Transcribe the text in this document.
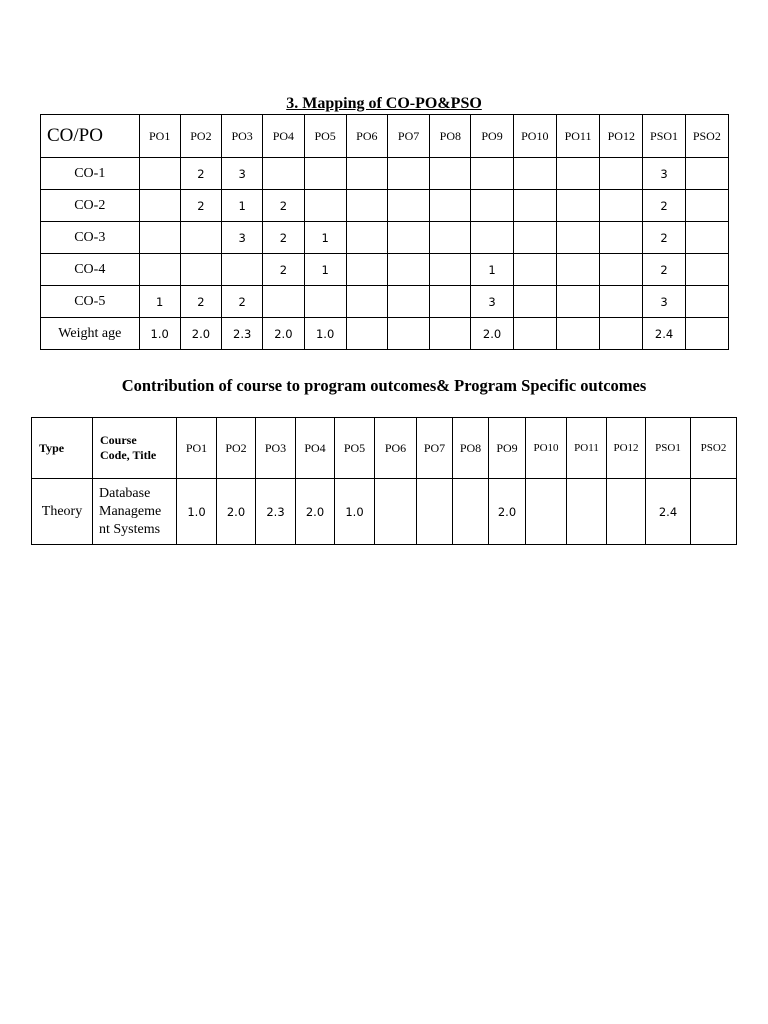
3. Mapping of CO-PO&PSO
CO/PO	PO1	PO2	PO3	PO4	PO5	PO6	PO7	PO8	PO9	PO10	PO11	PO12	PSO1	PSO2
CO-1		2	3										3	
CO-2		2	1	2									2	
CO-3			3	2	1								2	
CO-4				2	1				1				2	
CO-5	1	2	2						3				3	
Weight age	1.0	2.0	2.3	2.0	1.0				2.0				2.4	
Contribution of course to program outcomes& Program Specific outcomes
Type	Course
Code, Title	PO1	PO2	PO3	PO4	PO5	PO6	PO7	PO8	PO9	PO10	PO11	PO12	PSO1	PSO2
Theory	Database
Manageme
nt Systems	1.0	2.0	2.3	2.0	1.0				2.0				2.4	
